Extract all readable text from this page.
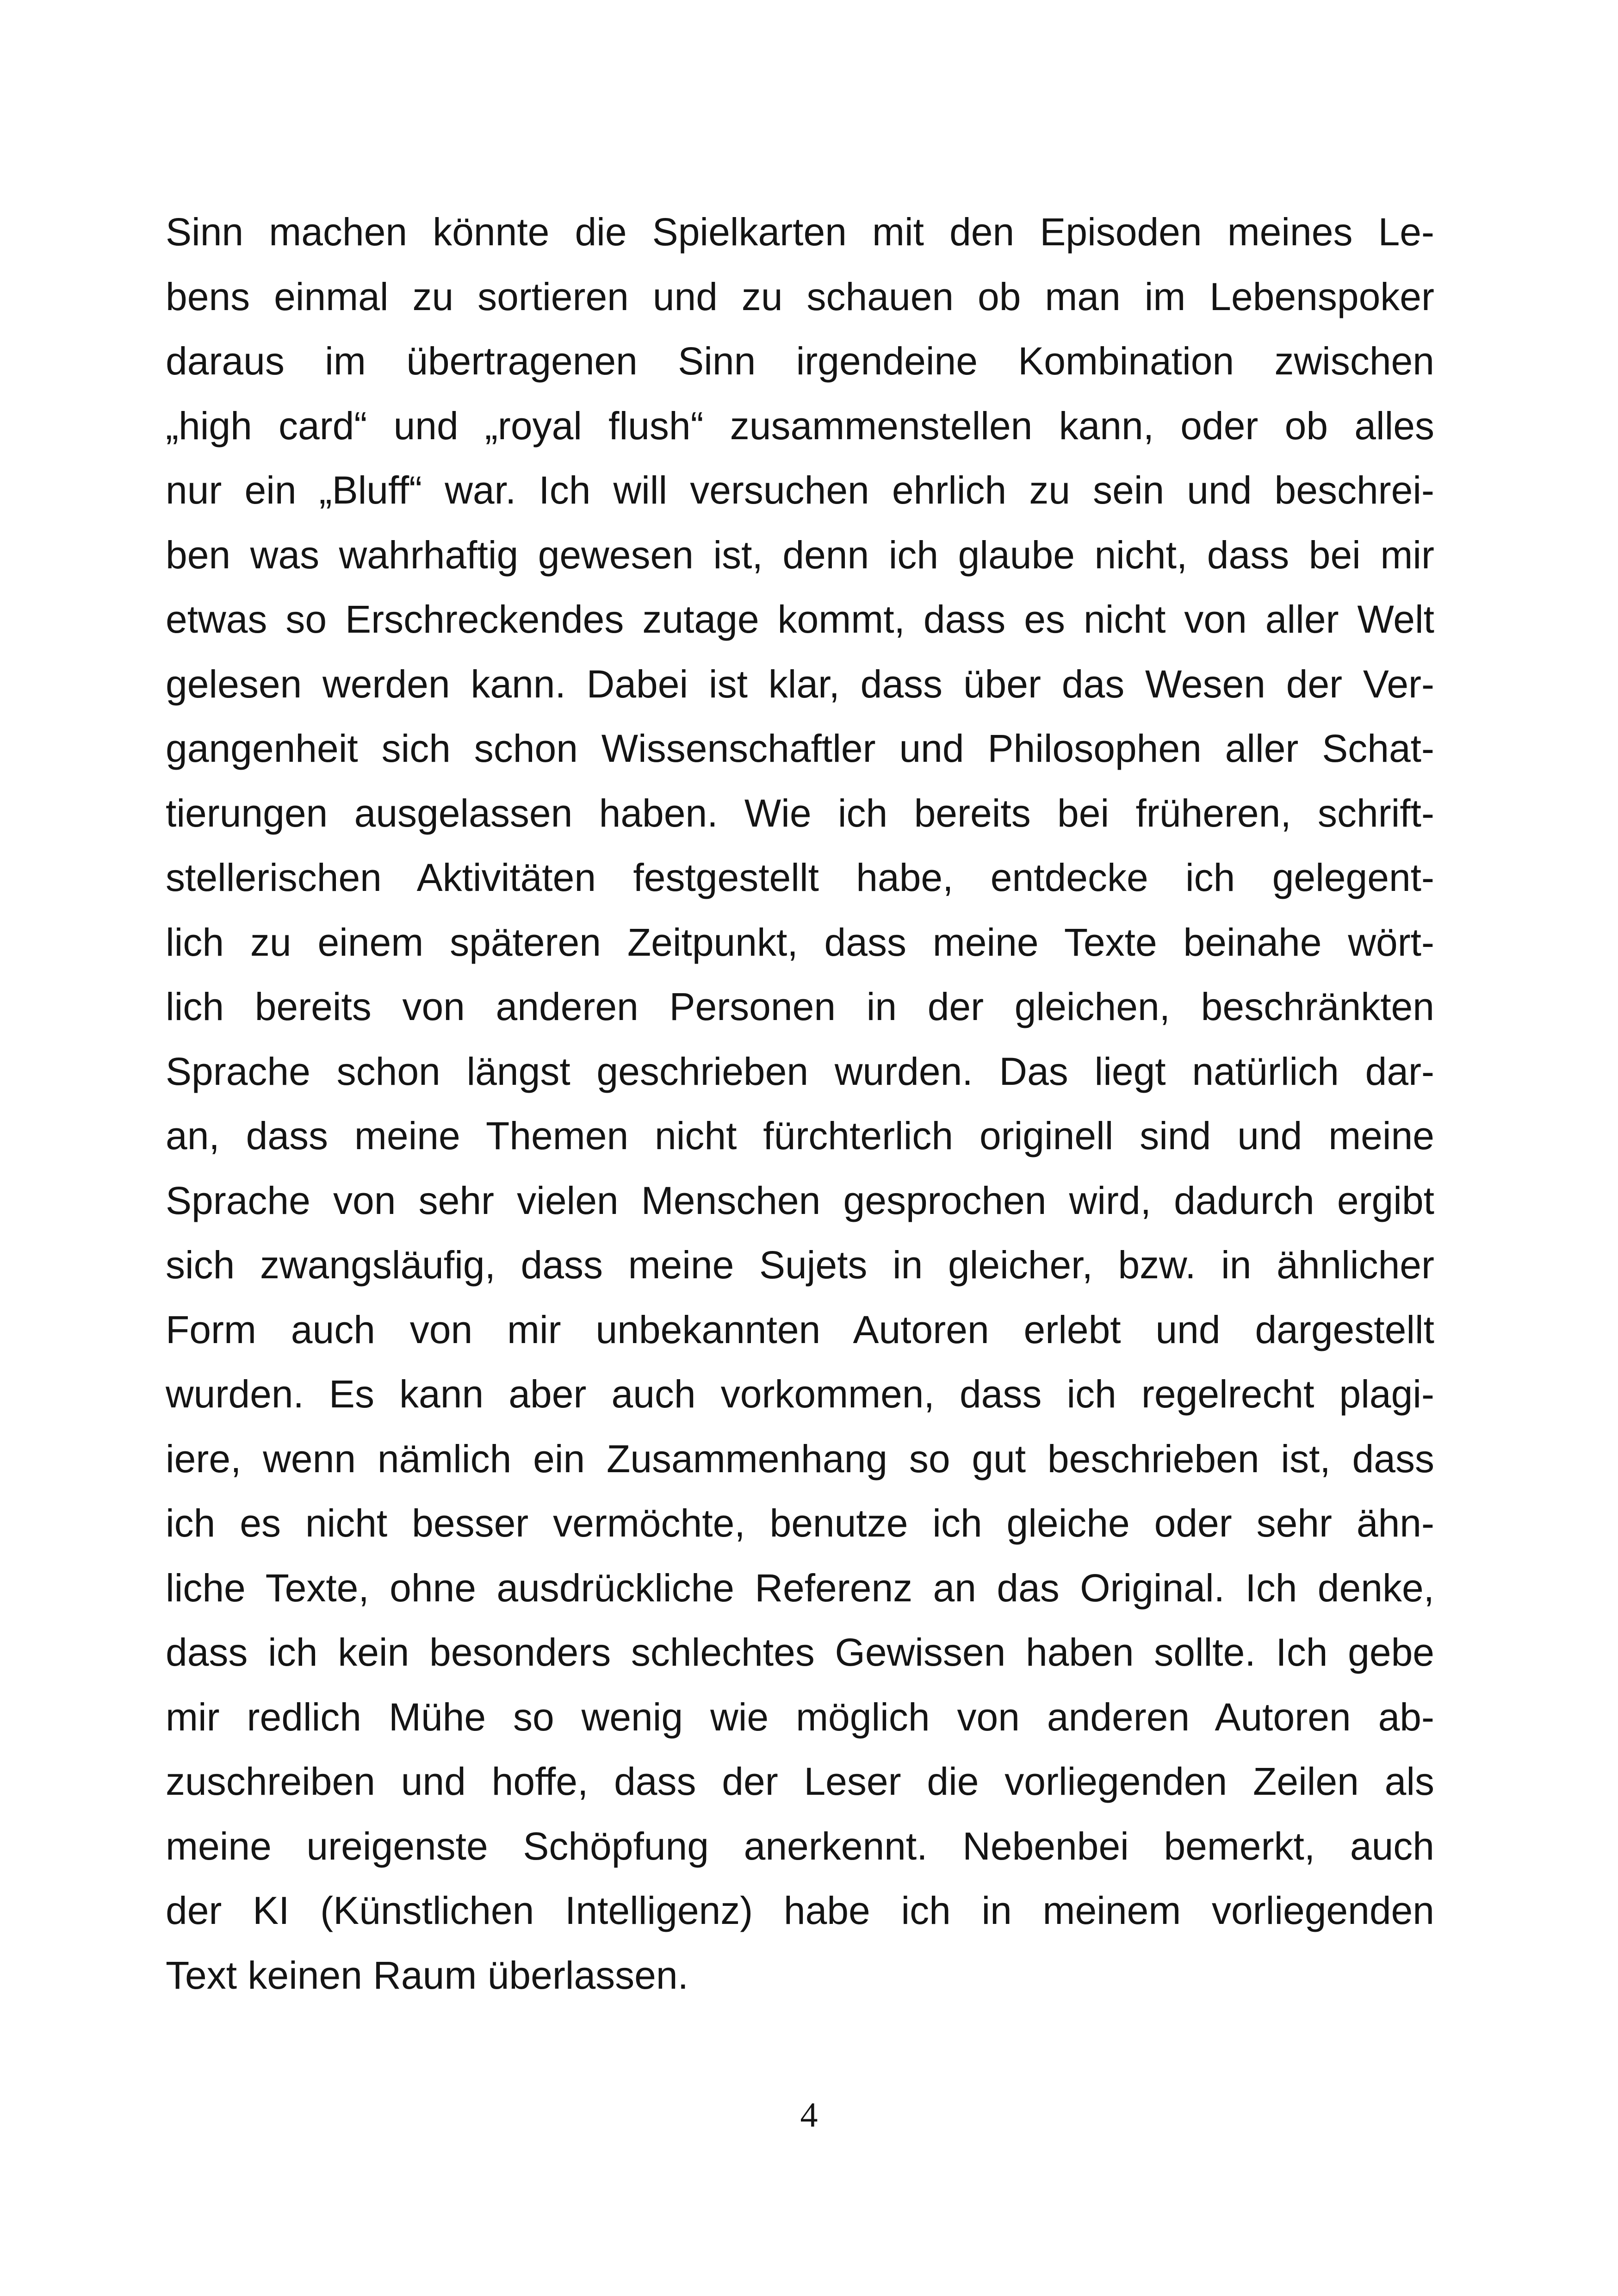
Sinn machen könnte die Spielkarten mit den Episoden meines Le-
bens einmal zu sortieren und zu schauen ob man im Lebenspoker
daraus im übertragenen Sinn irgendeine Kombination zwischen
„high card“ und „royal flush“ zusammenstellen kann, oder ob alles
nur ein „Bluff“ war. Ich will versuchen ehrlich zu sein und beschrei-
ben was wahrhaftig gewesen ist, denn ich glaube nicht, dass bei mir
etwas so Erschreckendes zutage kommt, dass es nicht von aller Welt
gelesen werden kann. Dabei ist klar, dass über das Wesen der Ver-
gangenheit sich schon Wissenschaftler und Philosophen aller Schat-
tierungen ausgelassen haben. Wie ich bereits bei früheren, schrift-
stellerischen Aktivitäten festgestellt habe, entdecke ich gelegent-
lich zu einem späteren Zeitpunkt, dass meine Texte beinahe wört-
lich bereits von anderen Personen in der gleichen, beschränkten
Sprache schon längst geschrieben wurden. Das liegt natürlich dar-
an, dass meine Themen nicht fürchterlich originell sind und meine
Sprache von sehr vielen Menschen gesprochen wird, dadurch ergibt
sich zwangsläufig, dass meine Sujets in gleicher, bzw. in ähnlicher
Form auch von mir unbekannten Autoren erlebt und dargestellt
wurden. Es kann aber auch vorkommen, dass ich regelrecht plagi-
iere, wenn nämlich ein Zusammenhang so gut beschrieben ist, dass
ich es nicht besser vermöchte, benutze ich gleiche oder sehr ähn-
liche Texte, ohne ausdrückliche Referenz an das Original. Ich denke,
dass ich kein besonders schlechtes Gewissen haben sollte. Ich gebe
mir redlich Mühe so wenig wie möglich von anderen Autoren ab-
zuschreiben und hoffe, dass der Leser die vorliegenden Zeilen als
meine ureigenste Schöpfung anerkennt. Nebenbei bemerkt, auch
der KI (Künstlichen Intelligenz) habe ich in meinem vorliegenden
Text keinen Raum überlassen.

4
